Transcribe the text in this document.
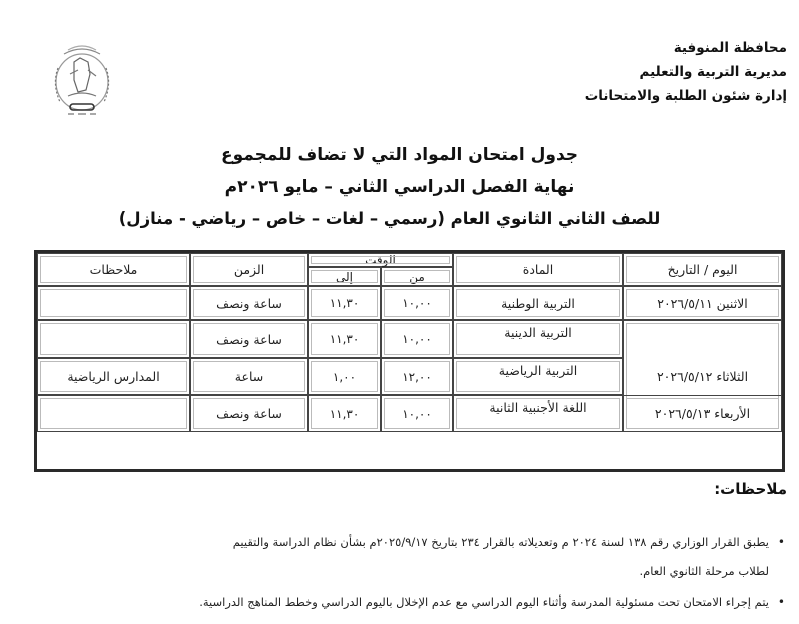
محافظة المنوفية
مديرية التربية والتعليم
إدارة شئون الطلبة والامتحانات
جدول امتحان المواد التي لا تضاف للمجموع
نهاية الفصل الدراسي الثاني – مايو ٢٠٢٦م
للصف الثاني الثانوي العام (رسمي – لغات – خاص – رياضي - منازل)
اليوم / التاريخ
المادة
الوقت
من
إلى
الزمن
ملاحظات
الاثنين ٢٠٢٦/٥/١١
التربية الوطنية
١٠,٠٠
١١,٣٠
ساعة ونصف
الثلاثاء ٢٠٢٦/٥/١٢
التربية الدينية
١٠,٠٠
١١,٣٠
ساعة ونصف
التربية الرياضية
١٢,٠٠
١,٠٠
ساعة
المدارس الرياضية
الأربعاء ٢٠٢٦/٥/١٣
اللغة الأجنبية الثانية
١٠,٠٠
١١,٣٠
ساعة ونصف
ملاحظات:
•
يطبق القرار الوزاري رقم ١٣٨ لسنة ٢٠٢٤ م وتعديلاته بالقرار ٢٣٤ بتاريخ ٢٠٢٥/٩/١٧م بشأن نظام الدراسة والتقييم
لطلاب مرحلة الثانوي العام.
•
يتم إجراء الامتحان تحت مسئولية المدرسة وأثناء اليوم الدراسي مع عدم الإخلال باليوم الدراسي وخطط المناهج الدراسية.
